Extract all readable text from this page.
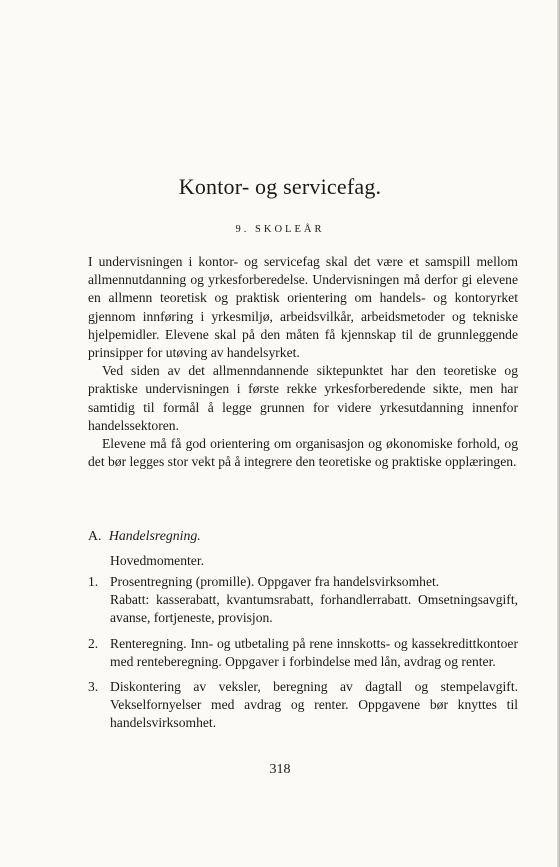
Kontor- og servicefag.
9. SKOLEÅR

I undervisningen i kontor- og servicefag skal det være et samspill mellom allmennutdanning og yrkesforberedelse. Undervisningen må derfor gi elevene en allmenn teoretisk og praktisk orientering om handels- og kontoryrket gjennom innføring i yrkesmiljø, arbeidsvilkår, arbeidsmetoder og tekniske hjelpemidler. Elevene skal på den måten få kjennskap til de grunnleggende prinsipper for utøving av handelsyrket.

Ved siden av det allmenndannende siktepunktet har den teoretiske og praktiske undervisningen i første rekke yrkesforberedende sikte, men har samtidig til formål å legge grunnen for videre yrkesutdanning innenfor handelssektoren.

Elevene må få god orientering om organisasjon og økonomiske forhold, og det bør legges stor vekt på å integrere den teoretiske og praktiske opplæringen.

A. Handelsregning.
Hovedmomenter.
1. Prosentregning (promille). Oppgaver fra handelsvirksomhet.
Rabatt: kasserabatt, kvantumsrabatt, forhandlerrabatt. Omsetningsavgift, avanse, fortjeneste, provisjon.
2. Renteregning. Inn- og utbetaling på rene innskotts- og kassekredittkontoer med renteberegning. Oppgaver i forbindelse med lån, avdrag og renter.
3. Diskontering av veksler, beregning av dagtall og stempelavgift. Vekselfornyelser med avdrag og renter. Oppgavene bør knyttes til handelsvirksomhet.
318
